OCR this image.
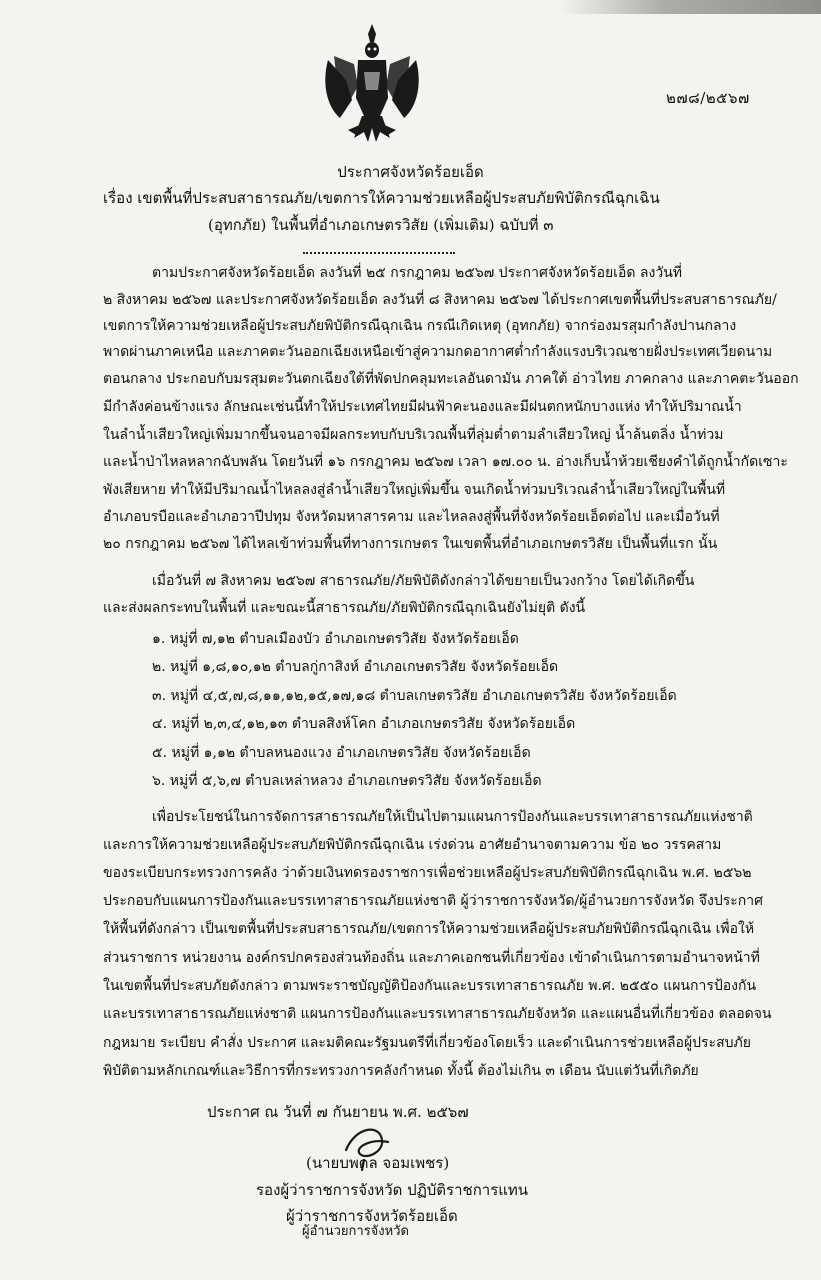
๒๗๘/๒๕๖๗
ประกาศจังหวัดร้อยเอ็ด
เรื่อง เขตพื้นที่ประสบสาธารณภัย/เขตการให้ความช่วยเหลือผู้ประสบภัยพิบัติกรณีฉุกเฉิน
(อุทกภัย) ในพื้นที่อำเภอเกษตรวิสัย (เพิ่มเติม) ฉบับที่ ๓
ตามประกาศจังหวัดร้อยเอ็ด ลงวันที่ ๒๕ กรกฎาคม ๒๕๖๗ ประกาศจังหวัดร้อยเอ็ด ลงวันที่
๒ สิงหาคม ๒๕๖๗ และประกาศจังหวัดร้อยเอ็ด ลงวันที่ ๘ สิงหาคม ๒๕๖๗ ได้ประกาศเขตพื้นที่ประสบสาธารณภัย/
เขตการให้ความช่วยเหลือผู้ประสบภัยพิบัติกรณีฉุกเฉิน กรณีเกิดเหตุ (อุทกภัย) จากร่องมรสุมกำลังปานกลาง
พาดผ่านภาคเหนือ และภาคตะวันออกเฉียงเหนือเข้าสู่ความกดอากาศต่ำกำลังแรงบริเวณชายฝั่งประเทศเวียดนาม
ตอนกลาง ประกอบกับมรสุมตะวันตกเฉียงใต้ที่พัดปกคลุมทะเลอันดามัน ภาคใต้ อ่าวไทย ภาคกลาง และภาคตะวันออก
มีกำลังค่อนข้างแรง ลักษณะเช่นนี้ทำให้ประเทศไทยมีฝนฟ้าคะนองและมีฝนตกหนักบางแห่ง ทำให้ปริมาณน้ำ
ในลำน้ำเสียวใหญ่เพิ่มมากขึ้นจนอาจมีผลกระทบกับบริเวณพื้นที่ลุ่มต่ำตามลำเสียวใหญ่ น้ำล้นตลิ่ง น้ำท่วม
และน้ำป่าไหลหลากฉับพลัน โดยวันที่ ๑๖ กรกฎาคม ๒๕๖๗ เวลา ๑๗.๐๐ น. อ่างเก็บน้ำห้วยเชียงคำได้ถูกน้ำกัดเซาะ
พังเสียหาย ทำให้มีปริมาณน้ำไหลลงสู่ลำน้ำเสียวใหญ่เพิ่มขึ้น จนเกิดน้ำท่วมบริเวณลำน้ำเสียวใหญ่ในพื้นที่
อำเภอบรบือและอำเภอวาปีปทุม จังหวัดมหาสารคาม และไหลลงสู่พื้นที่จังหวัดร้อยเอ็ดต่อไป และเมื่อวันที่
๒๐ กรกฎาคม ๒๕๖๗ ได้ไหลเข้าท่วมพื้นที่ทางการเกษตร ในเขตพื้นที่อำเภอเกษตรวิสัย เป็นพื้นที่แรก นั้น
เมื่อวันที่ ๗ สิงหาคม ๒๕๖๗ สาธารณภัย/ภัยพิบัติดังกล่าวได้ขยายเป็นวงกว้าง โดยได้เกิดขึ้น
และส่งผลกระทบในพื้นที่ และขณะนี้สาธารณภัย/ภัยพิบัติกรณีฉุกเฉินยังไม่ยุติ ดังนี้
๑. หมู่ที่ ๗,๑๒ ตำบลเมืองบัว อำเภอเกษตรวิสัย จังหวัดร้อยเอ็ด
๒. หมู่ที่ ๑,๘,๑๐,๑๒ ตำบลกู่กาสิงห์ อำเภอเกษตรวิสัย จังหวัดร้อยเอ็ด
๓. หมู่ที่ ๔,๕,๗,๘,๑๑,๑๒,๑๕,๑๗,๑๘ ตำบลเกษตรวิสัย อำเภอเกษตรวิสัย จังหวัดร้อยเอ็ด
๔. หมู่ที่ ๒,๓,๔,๑๒,๑๓ ตำบลสิงห์โคก อำเภอเกษตรวิสัย จังหวัดร้อยเอ็ด
๕. หมู่ที่ ๑,๑๒ ตำบลหนองแวง อำเภอเกษตรวิสัย จังหวัดร้อยเอ็ด
๖. หมู่ที่ ๕,๖,๗ ตำบลเหล่าหลวง อำเภอเกษตรวิสัย จังหวัดร้อยเอ็ด
เพื่อประโยชน์ในการจัดการสาธารณภัยให้เป็นไปตามแผนการป้องกันและบรรเทาสาธารณภัยแห่งชาติ
และการให้ความช่วยเหลือผู้ประสบภัยพิบัติกรณีฉุกเฉิน เร่งด่วน อาศัยอำนาจตามความ ข้อ ๒๐ วรรคสาม
ของระเบียบกระทรวงการคลัง ว่าด้วยเงินทดรองราชการเพื่อช่วยเหลือผู้ประสบภัยพิบัติกรณีฉุกเฉิน พ.ศ. ๒๕๖๒
ประกอบกับแผนการป้องกันและบรรเทาสาธารณภัยแห่งชาติ ผู้ว่าราชการจังหวัด/ผู้อำนวยการจังหวัด จึงประกาศ
ให้พื้นที่ดังกล่าว เป็นเขตพื้นที่ประสบสาธารณภัย/เขตการให้ความช่วยเหลือผู้ประสบภัยพิบัติกรณีฉุกเฉิน เพื่อให้
ส่วนราชการ หน่วยงาน องค์กรปกครองส่วนท้องถิ่น และภาคเอกชนที่เกี่ยวข้อง เข้าดำเนินการตามอำนาจหน้าที่
ในเขตพื้นที่ประสบภัยดังกล่าว ตามพระราชบัญญัติป้องกันและบรรเทาสาธารณภัย พ.ศ. ๒๕๕๐ แผนการป้องกัน
และบรรเทาสาธารณภัยแห่งชาติ แผนการป้องกันและบรรเทาสาธารณภัยจังหวัด และแผนอื่นที่เกี่ยวข้อง ตลอดจน
กฎหมาย ระเบียบ คำสั่ง ประกาศ และมติคณะรัฐมนตรีที่เกี่ยวข้องโดยเร็ว และดำเนินการช่วยเหลือผู้ประสบภัย
พิบัติตามหลักเกณฑ์และวิธีการที่กระทรวงการคลังกำหนด ทั้งนี้ ต้องไม่เกิน ๓ เดือน นับแต่วันที่เกิดภัย
ประกาศ ณ วันที่ ๗ กันยายน พ.ศ. ๒๕๖๗
(นายบพดล จอมเพชร)
รองผู้ว่าราชการจังหวัด ปฏิบัติราชการแทน
ผู้ว่าราชการจังหวัดร้อยเอ็ด
ผู้อำนวยการจังหวัด
